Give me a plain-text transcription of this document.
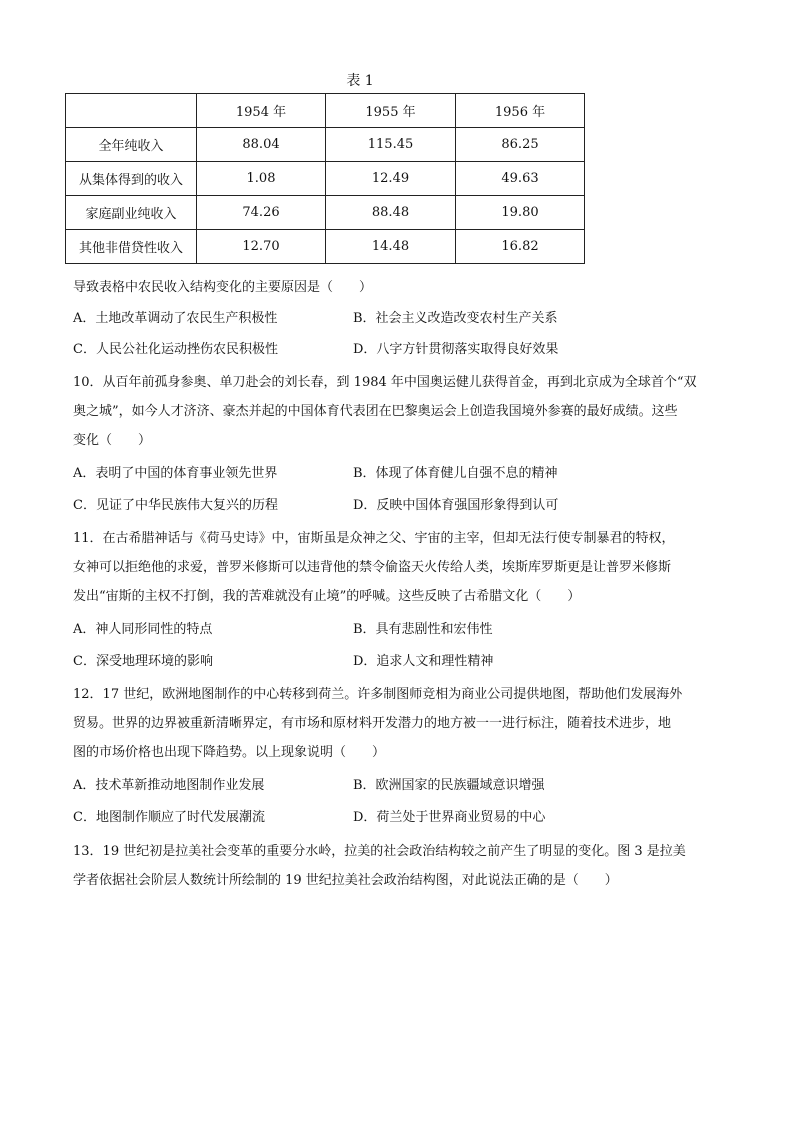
表 1
	1954 年	1955 年	1956 年
全年纯收入	88.04	115.45	86.25
从集体得到的收入	1.08	12.49	49.63
家庭副业纯收入	74.26	88.48	19.80
其他非借贷性收入	12.70	14.48	16.82
导致表格中农民收入结构变化的主要原因是（　　）
A．土地改革调动了农民生产积极性	B．社会主义改造改变农村生产关系
C．人民公社化运动挫伤农民积极性	D．八字方针贯彻落实取得良好效果
10．从百年前孤身参奥、单刀赴会的刘长春，到 1984 年中国奥运健儿获得首金，再到北京成为全球首个“双
奥之城”，如今人才济济、豪杰并起的中国体育代表团在巴黎奥运会上创造我国境外参赛的最好成绩。这些
变化（　　）
A．表明了中国的体育事业领先世界	B．体现了体育健儿自强不息的精神
C．见证了中华民族伟大复兴的历程	D．反映中国体育强国形象得到认可
11．在古希腊神话与《荷马史诗》中，宙斯虽是众神之父、宇宙的主宰，但却无法行使专制暴君的特权，
女神可以拒绝他的求爱，普罗米修斯可以违背他的禁令偷盗天火传给人类，埃斯库罗斯更是让普罗米修斯
发出“宙斯的主权不打倒，我的苦难就没有止境”的呼喊。这些反映了古希腊文化（　　）
A．神人同形同性的特点	B．具有悲剧性和宏伟性
C．深受地理环境的影响	D．追求人文和理性精神
12．17 世纪，欧洲地图制作的中心转移到荷兰。许多制图师竞相为商业公司提供地图，帮助他们发展海外
贸易。世界的边界被重新清晰界定，有市场和原材料开发潜力的地方被一一进行标注，随着技术进步，地
图的市场价格也出现下降趋势。以上现象说明（　　）
A．技术革新推动地图制作业发展	B．欧洲国家的民族疆域意识增强
C．地图制作顺应了时代发展潮流	D．荷兰处于世界商业贸易的中心
13．19 世纪初是拉美社会变革的重要分水岭，拉美的社会政治结构较之前产生了明显的变化。图 3 是拉美
学者依据社会阶层人数统计所绘制的 19 世纪拉美社会政治结构图，对此说法正确的是（　　）
